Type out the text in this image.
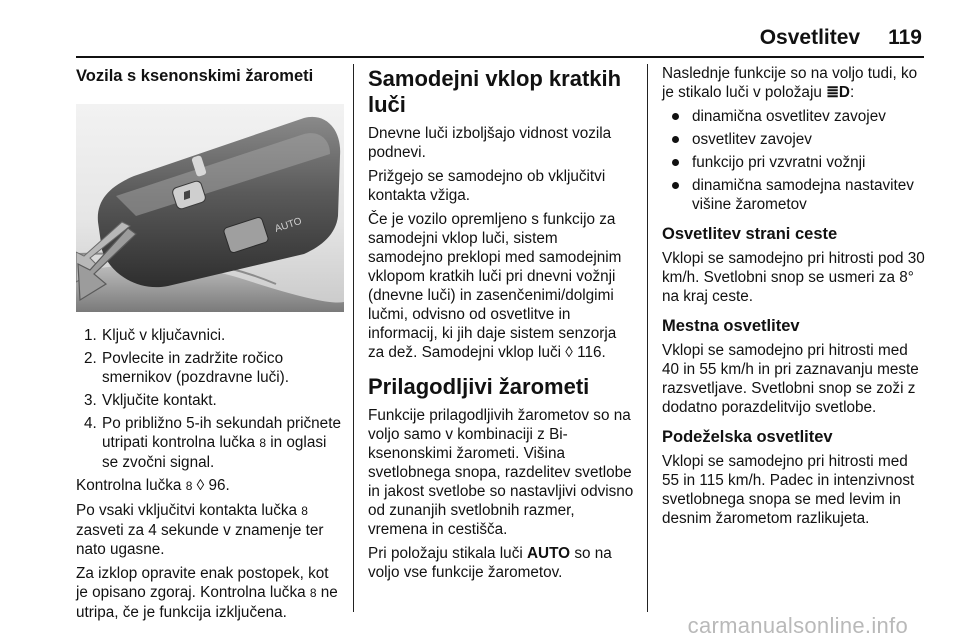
Osvetlitev 119
Vozila s ksenonskimi žarometi
AUTO
1. Ključ v ključavnici.
2. Povlecite in zadržite ročico smernikov (pozdravne luči).
3. Vključite kontakt.
4. Po približno 5-ih sekundah pričnete utripati kontrolna lučka 8 in oglasi se zvočni signal.

Kontrolna lučka 8 ◊ 96.

Po vsaki vključitvi kontakta lučka 8 zasveti za 4 sekunde v znamenje ter nato ugasne.

Za izklop opravite enak postopek, kot je opisano zgoraj. Kontrolna lučka 8 ne utripa, če je funkcija izključena.

Samodejni vklop kratkih luči

Dnevne luči izboljšajo vidnost vozila podnevi.

Prižgejo se samodejno ob vključitvi kontakta vžiga.

Če je vozilo opremljeno s funkcijo za samodejni vklop luči, sistem samodejno preklopi med samodejnim vklopom kratkih luči pri dnevni vožnji (dnevne luči) in zasenčenimi/dolgimi lučmi, odvisno od osvetlitve in informacij, ki jih daje sistem senzorja za dež. Samodejni vklop luči ◊ 116.

Prilagodljivi žarometi

Funkcije prilagodljivih žarometov so na voljo samo v kombinaciji z Bi-ksenonskimi žarometi. Višina svetlobnega snopa, razdelitev svetlobe in jakost svetlobe so nastavljivi odvisno od zunanjih svetlobnih razmer, vremena in cestišča.

Pri položaju stikala luči AUTO so na voljo vse funkcije žarometov.

Naslednje funkcije so na voljo tudi, ko je stikalo luči v položaju ≣D:

dinamična osvetlitev zavojev
osvetlitev zavojev
funkcijo pri vzvratni vožnji
dinamična samodejna nastavitev višine žarometov
Osvetlitev strani ceste

Vklopi se samodejno pri hitrosti pod 30 km/h. Svetlobni snop se usmeri za 8° na kraj ceste.

Mestna osvetlitev

Vklopi se samodejno pri hitrosti med 40 in 55 km/h in pri zaznavanju meste razsvetljave. Svetlobni snop se zoži z dodatno porazdelitvijo svetlobe.

Podeželska osvetlitev

Vklopi se samodejno pri hitrosti med 55 in 115 km/h. Padec in intenzivnost svetlobnega snopa se med levim in desnim žarometom razlikujeta.

carmanualsonline.info
